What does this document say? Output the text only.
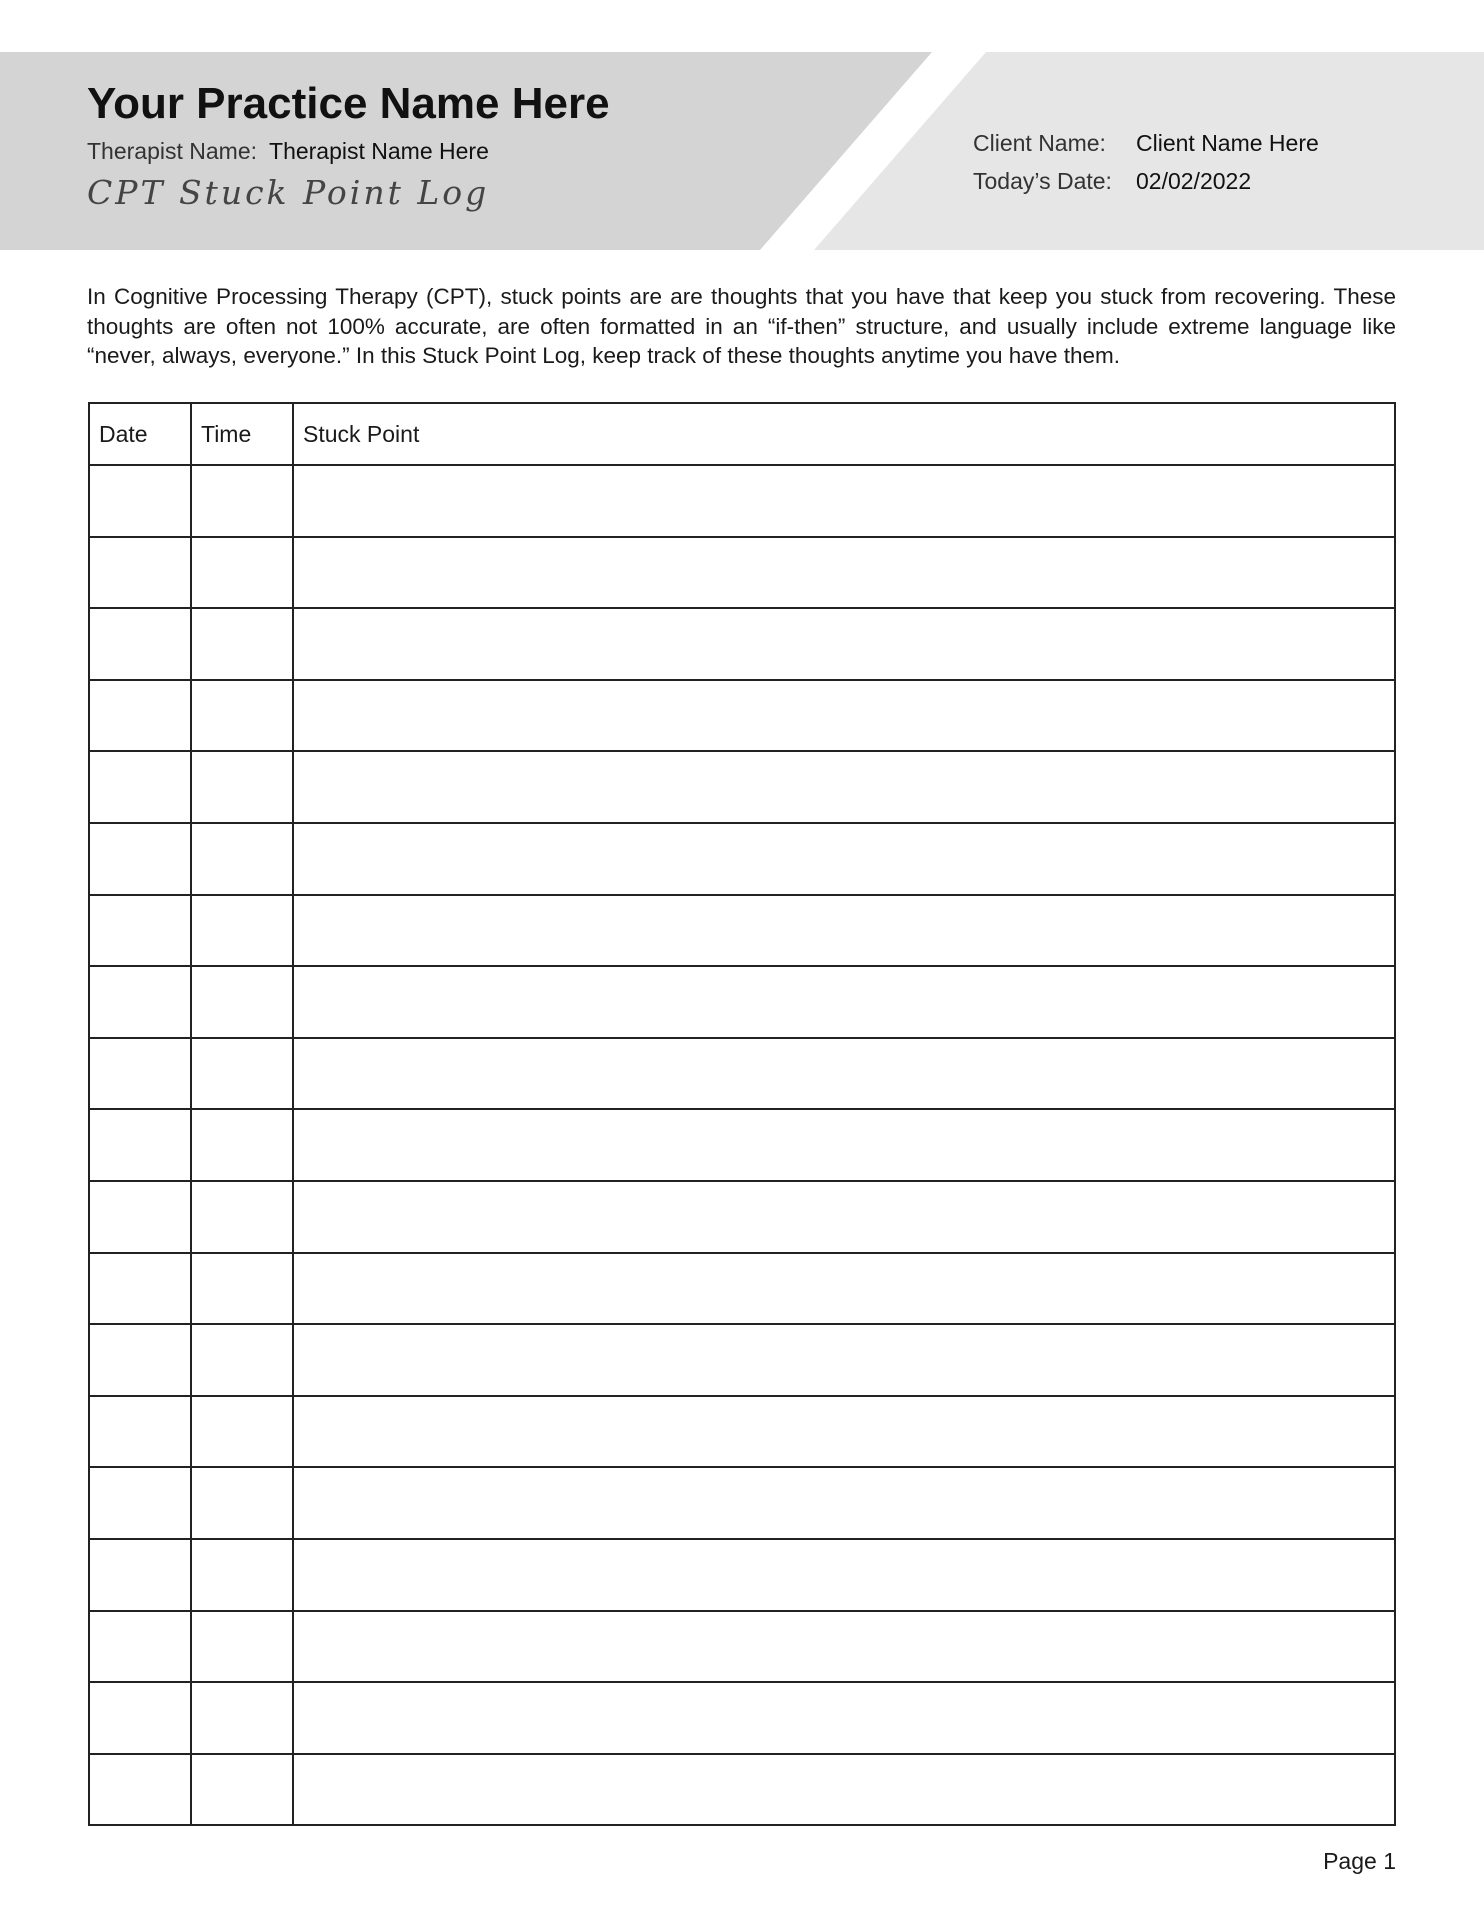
Your Practice Name Here
Therapist Name: Therapist Name Here
CPT Stuck Point Log
Client Name:	Client Name Here
Today’s Date:	02/02/2022

In Cognitive Processing Therapy (CPT), stuck points are are thoughts that you have that keep you stuck from recovering. These thoughts are often not 100% accurate, are often formatted in an “if-then” structure, and usually include extreme language like “never, always, everyone.” In this Stuck Point Log, keep track of these thoughts anytime you have them.

Date	Time	Stuck Point

Page 1
